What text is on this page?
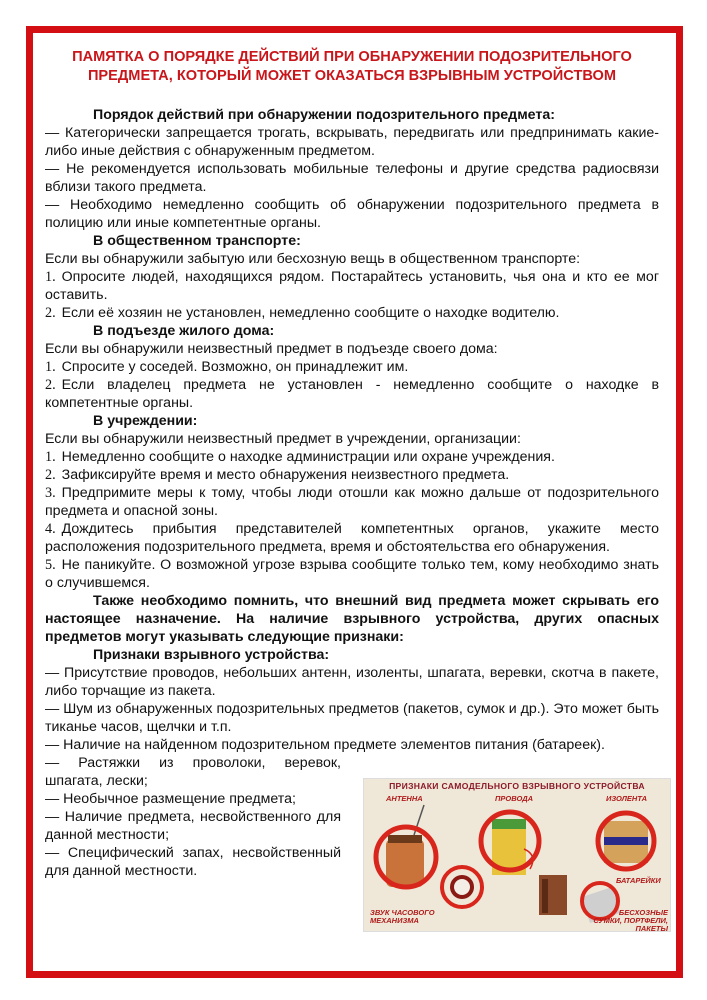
ПАМЯТКА О ПОРЯДКЕ ДЕЙСТВИЙ ПРИ ОБНАРУЖЕНИИ ПОДОЗРИТЕЛЬНОГО ПРЕДМЕТА, КОТОРЫЙ МОЖЕТ ОКАЗАТЬСЯ ВЗРЫВНЫМ УСТРОЙСТВОМ

Порядок действий при обнаружении подозрительного предмета:

— Категорически запрещается трогать, вскрывать, передвигать или предпринимать какие-либо иные действия с обнаруженным предметом.

— Не рекомендуется использовать мобильные телефоны и другие средства радиосвязи вблизи такого предмета.

— Необходимо немедленно сообщить об обнаружении подозрительного предмета в полицию или иные компетентные органы.

В общественном транспорте:

Если вы обнаружили забытую или бесхозную вещь в общественном транспорте:

1. Опросите людей, находящихся рядом. Постарайтесь установить, чья она и кто ее мог оставить.

2. Если её хозяин не установлен, немедленно сообщите о находке водителю.

В подъезде жилого дома:

Если вы обнаружили неизвестный предмет в подъезде своего дома:

1. Спросите у соседей. Возможно, он принадлежит им.

2. Если владелец предмета не установлен - немедленно сообщите о находке в компетентные органы.

В учреждении:

Если вы обнаружили неизвестный предмет в учреждении, организации:

1. Немедленно сообщите о находке администрации или охране учреждения.

2. Зафиксируйте время и место обнаружения неизвестного предмета.

3. Предпримите меры к тому, чтобы люди отошли как можно дальше от подозрительного предмета и опасной зоны.

4. Дождитесь прибытия представителей компетентных органов, укажите место расположения подозрительного предмета, время и обстоятельства его обнаружения.

5. Не паникуйте. О возможной угрозе взрыва сообщите только тем, кому необходимо знать о случившемся.

Также необходимо помнить, что внешний вид предмета может скрывать его настоящее назначение. На наличие взрывного устройства, других опасных предметов могут указывать следующие признаки:

Признаки взрывного устройства:

— Присутствие проводов, небольших антенн, изоленты, шпагата, веревки, скотча в пакете, либо торчащие из пакета.

— Шум из обнаруженных подозрительных предметов (пакетов, сумок и др.). Это может быть тиканье часов, щелчки и т.п.

— Наличие на найденном подозрительном предмете элементов питания (батареек).

— Растяжки из проволоки, веревок, шпагата, лески;

— Необычное размещение предмета;

— Наличие предмета, несвойственного для данной местности;

— Специфический запах, несвойственный для данной местности.

ПРИЗНАКИ САМОДЕЛЬНОГО ВЗРЫВНОГО УСТРОЙСТВА
АНТЕННА	ПРОВОДА	ИЗОЛЕНТА
БАТАРЕЙКИ
ЗВУК ЧАСОВОГО МЕХАНИЗМА
БЕСХОЗНЫЕ СУМКИ, ПОРТФЕЛИ, ПАКЕТЫ
